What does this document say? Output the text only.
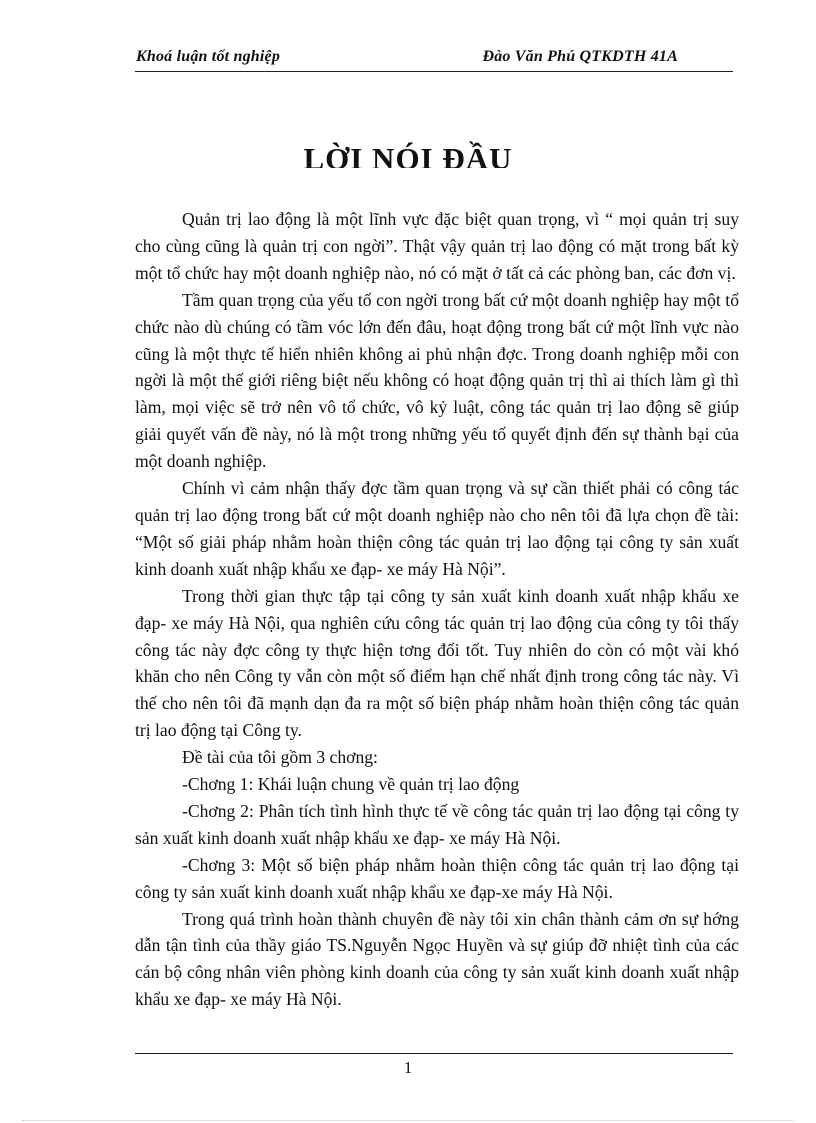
Khoá luận tốt nghiệp	Đào Văn Phú QTKDTH 41A
LỜI NÓI ĐẦU

Quản trị lao động là một lĩnh vực đặc biệt quan trọng, vì “ mọi quản trị suy cho cùng cũng là quản trị con ngời”. Thật vậy quản trị lao động có mặt trong bất kỳ một tổ chức hay một doanh nghiệp nào, nó có mặt ở tất cả các phòng ban, các đơn vị.

Tầm quan trọng của yếu tố con ngời trong bất cứ một doanh nghiệp hay một tổ chức nào dù chúng có tầm vóc lớn đến đâu, hoạt động trong bất cứ một lĩnh vực nào cũng là một thực tế hiển nhiên không ai phủ nhận đợc. Trong doanh nghiệp mỗi con ngời là một thế giới riêng biệt nếu không có hoạt động quản trị thì ai thích làm gì thì làm, mọi việc sẽ trở nên vô tổ chức, vô kỷ luật, công tác quản trị lao động sẽ giúp giải quyết vấn đề này, nó là một trong những yếu tố quyết định đến sự thành bại của một doanh nghiệp.

Chính vì cảm nhận thấy đợc tầm quan trọng và sự cần thiết phải có công tác quản trị lao động trong bất cứ một doanh nghiệp nào cho nên tôi đã lựa chọn đề tài: “Một số giải pháp nhằm hoàn thiện công tác quản trị lao động tại công ty sản xuất kinh doanh xuất nhập khẩu xe đạp- xe máy Hà Nội”.

Trong thời gian thực tập tại công ty sản xuất kinh doanh xuất nhập khẩu xe đạp- xe máy Hà Nội, qua nghiên cứu công tác quản trị lao động của công ty tôi thấy công tác này đợc công ty thực hiện tơng đối tốt. Tuy nhiên do còn có một vài khó khăn cho nên Công ty vẫn còn một số điểm hạn chế nhất định trong công tác này. Vì thế cho nên tôi đã mạnh dạn đa ra một số biện pháp nhằm hoàn thiện công tác quản trị lao động tại Công ty.

Đề tài của tôi gồm 3 chơng:

-Chơng 1: Khái luận chung về quản trị lao động

-Chơng 2: Phân tích tình hình thực tế về công tác quản trị lao động tại công ty sản xuất kinh doanh xuất nhập khẩu xe đạp- xe máy Hà Nội.

-Chơng 3: Một số biện pháp nhằm hoàn thiện công tác quản trị lao động tại công ty sản xuất kinh doanh xuất nhập khẩu xe đạp-xe máy Hà Nội.

Trong quá trình hoàn thành chuyên đề này tôi xin chân thành cảm ơn sự hớng dẫn tận tình của thầy giáo TS.Nguyễn Ngọc Huyền và sự giúp đỡ nhiệt tình của các cán bộ công nhân viên phòng kinh doanh của công ty sản xuất kinh doanh xuất nhập khẩu xe đạp- xe máy Hà Nội.

1
